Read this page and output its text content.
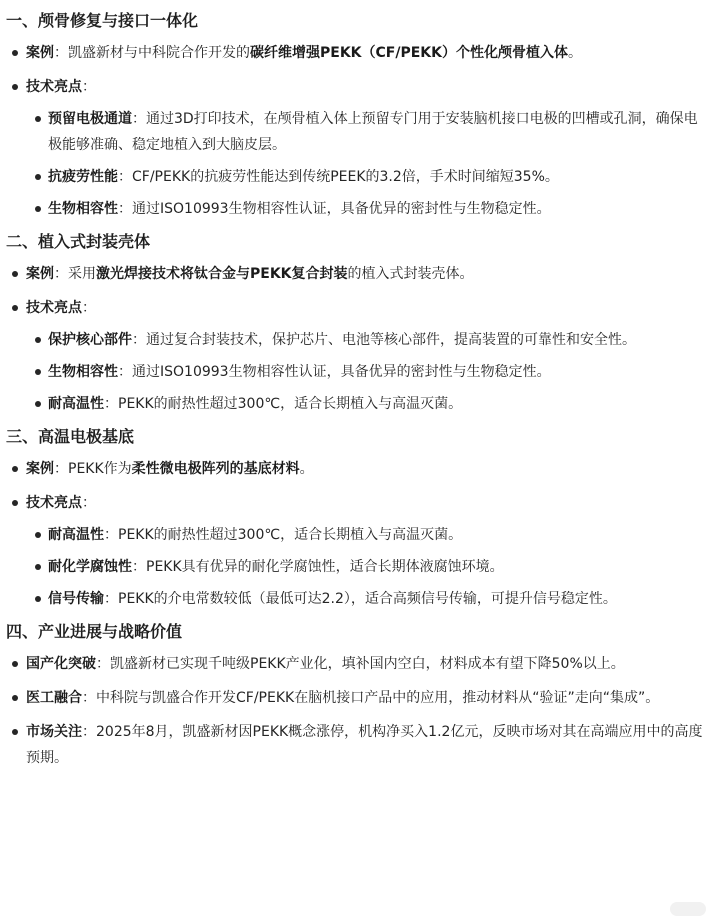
一、颅骨修复与接口一体化
案例：凯盛新材与中科院合作开发的碳纤维增强PEKK（CF/PEKK）个性化颅骨植入体。
技术亮点：
预留电极通道：通过3D打印技术，在颅骨植入体上预留专门用于安装脑机接口电极的凹槽或孔洞，确保电极能够准确、稳定地植入到大脑皮层。
抗疲劳性能：CF/PEKK的抗疲劳性能达到传统PEEK的3.2倍，手术时间缩短35%。
生物相容性：通过ISO10993生物相容性认证，具备优异的密封性与生物稳定性。
二、植入式封装壳体
案例：采用激光焊接技术将钛合金与PEKK复合封装的植入式封装壳体。
技术亮点：
保护核心部件：通过复合封装技术，保护芯片、电池等核心部件，提高装置的可靠性和安全性。
生物相容性：通过ISO10993生物相容性认证，具备优异的密封性与生物稳定性。
耐高温性：PEKK的耐热性超过300℃，适合长期植入与高温灭菌。
三、高温电极基底
案例：PEKK作为柔性微电极阵列的基底材料。
技术亮点：
耐高温性：PEKK的耐热性超过300℃，适合长期植入与高温灭菌。
耐化学腐蚀性：PEKK具有优异的耐化学腐蚀性，适合长期体液腐蚀环境。
信号传输：PEKK的介电常数较低（最低可达2.2），适合高频信号传输，可提升信号稳定性。
四、产业进展与战略价值
国产化突破：凯盛新材已实现千吨级PEKK产业化，填补国内空白，材料成本有望下降50%以上。
医工融合：中科院与凯盛合作开发CF/PEKK在脑机接口产品中的应用，推动材料从“验证”走向“集成”。
市场关注：2025年8月，凯盛新材因PEKK概念涨停，机构净买入1.2亿元，反映市场对其在高端应用中的高度预期。
